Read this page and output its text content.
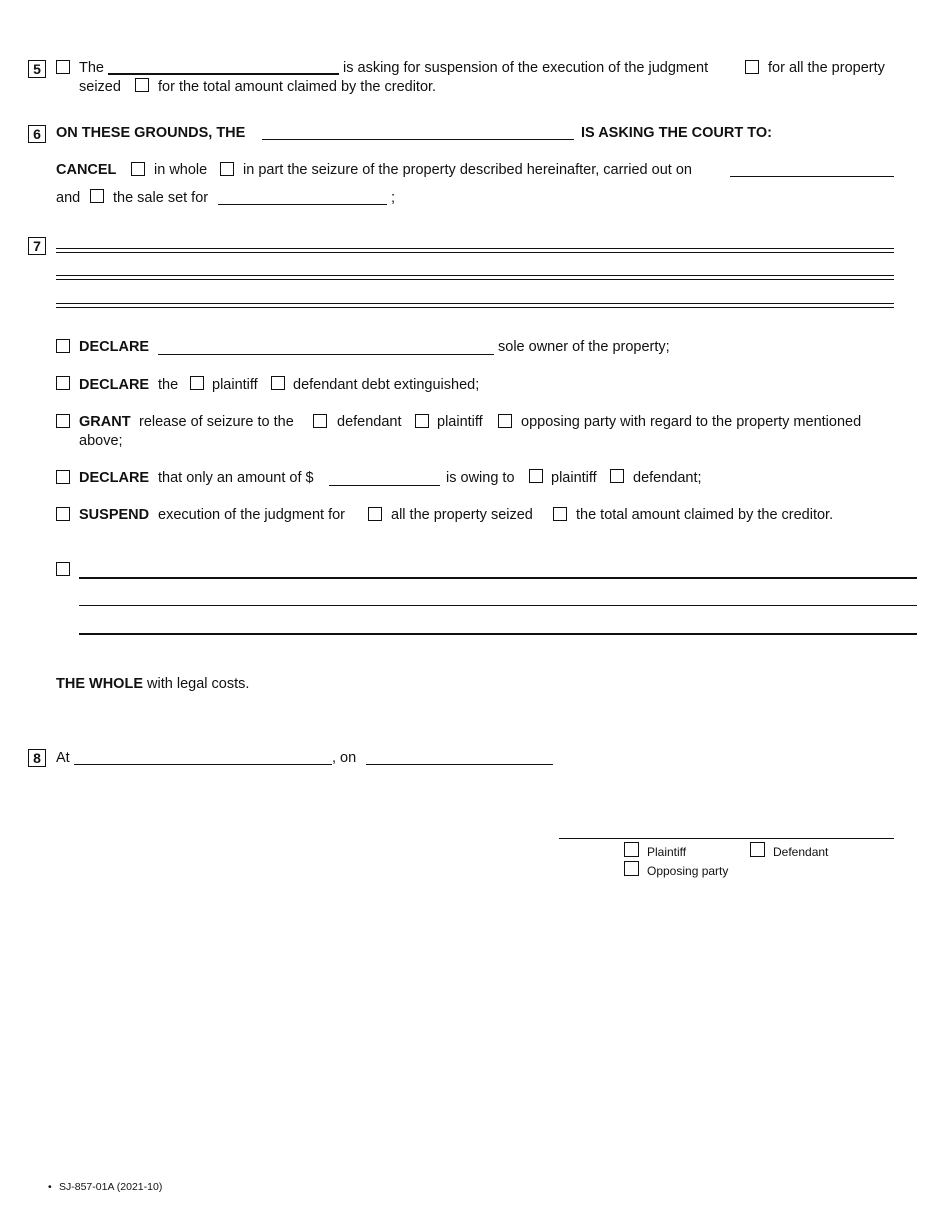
5	The	is asking for suspension of the execution of the judgment	for all the property
seized	for the total amount claimed by the creditor.
6	ON THESE GROUNDS, THE	IS ASKING THE COURT TO:
CANCEL	in whole in part the seizure of the property described hereinafter, carried out on
and the sale set for	;
7
DECLARE	sole owner of the property;
DECLARE the plaintiff defendant debt extinguished;
GRANT release of seizure to the	defendant plaintiff	opposing party with regard to the property mentioned
above;
DECLARE that only an amount of $	is owing to	plaintiff	defendant;
SUSPEND execution of the judgment for	all the property seized	the total amount claimed by the creditor.
THE WHOLE with legal costs.
8	At	, on
Plaintiff	Defendant
Opposing party
• SJ-857-01A (2021-10)
